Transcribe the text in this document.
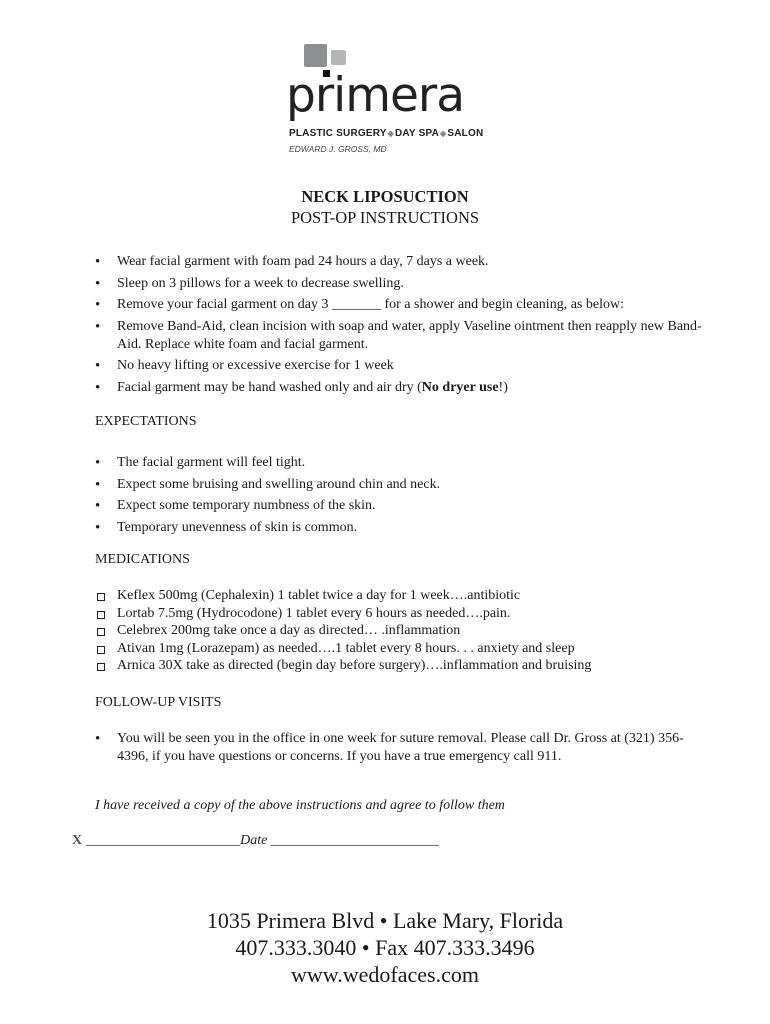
primera
PLASTIC SURGERY◆DAY SPA◆SALON
EDWARD J. GROSS, MD
NECK LIPOSUCTION
POST-OP INSTRUCTIONS
• Wear facial garment with foam pad 24 hours a day, 7 days a week.
• Sleep on 3 pillows for a week to decrease swelling.
• Remove your facial garment on day 3 _______ for a shower and begin cleaning, as below:
• Remove Band-Aid, clean incision with soap and water, apply Vaseline ointment then reapply new Band-Aid. Replace white foam and facial garment.
• No heavy lifting or excessive exercise for 1 week
• Facial garment may be hand washed only and air dry (No dryer use!)
EXPECTATIONS
• The facial garment will feel tight.
• Expect some bruising and swelling around chin and neck.
• Expect some temporary numbness of the skin.
• Temporary unevenness of skin is common.
MEDICATIONS
Keflex 500mg (Cephalexin) 1 tablet twice a day for 1 week….antibiotic
Lortab 7.5mg (Hydrocodone) 1 tablet every 6 hours as needed….pain.
Celebrex 200mg take once a day as directed… .inflammation
Ativan 1mg (Lorazepam) as needed….1 tablet every 8 hours. . . anxiety and sleep
Arnica 30X take as directed (begin day before surgery)….inflammation and bruising
FOLLOW-UP VISITS
• You will be seen you in the office in one week for suture removal. Please call Dr. Gross at (321) 356-4396, if you have questions or concerns. If you have a true emergency call 911.
I have received a copy of the above instructions and agree to follow them
X ______________________Date ________________________
1035 Primera Blvd • Lake Mary, Florida
407.333.3040 • Fax 407.333.3496
www.wedofaces.com
